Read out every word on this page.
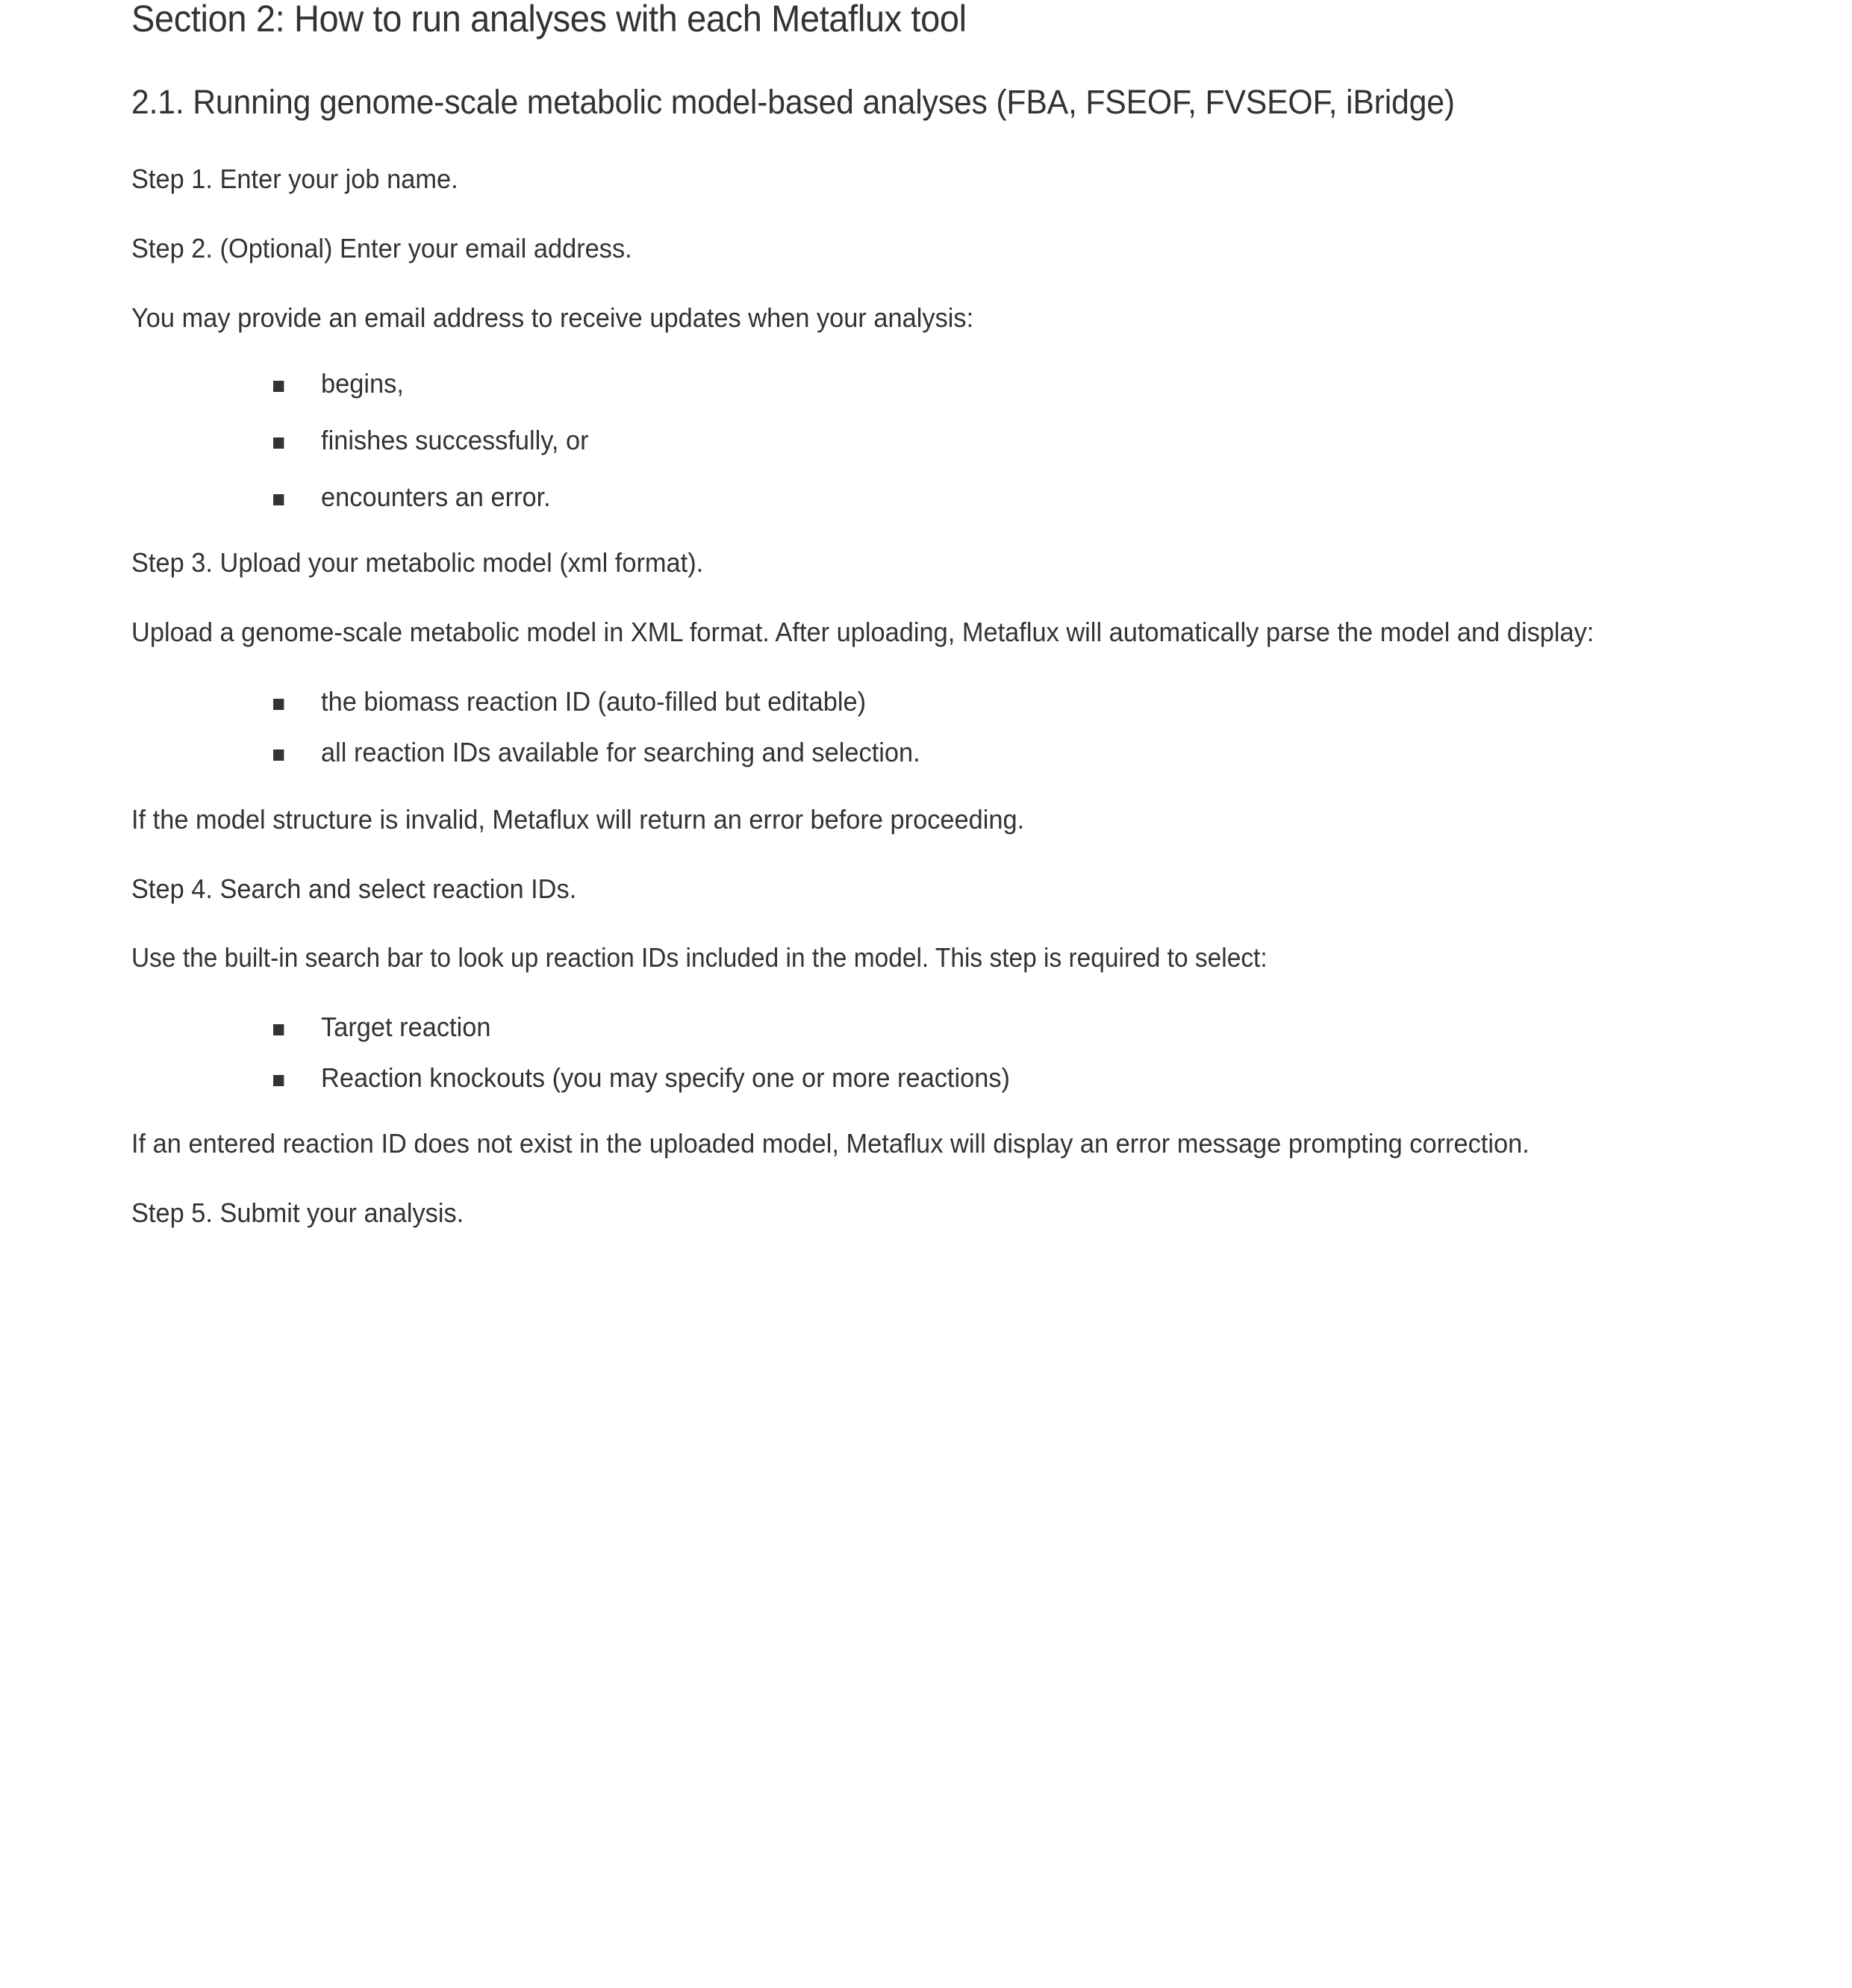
Section 2: How to run analyses with each Metaflux tool
2.1. Running genome-scale metabolic model-based analyses (FBA, FSEOF, FVSEOF, iBridge)

Step 1. Enter your job name.

Step 2. (Optional) Enter your email address.

You may provide an email address to receive updates when your analysis:

begins,
finishes successfully, or
encounters an error.

Step 3. Upload your metabolic model (xml format).

Upload a genome-scale metabolic model in XML format. After uploading, Metaflux will automatically parse the model and display:

the biomass reaction ID (auto-filled but editable)
all reaction IDs available for searching and selection.

If the model structure is invalid, Metaflux will return an error before proceeding.

Step 4. Search and select reaction IDs.

Use the built-in search bar to look up reaction IDs included in the model. This step is required to select:

Target reaction
Reaction knockouts (you may specify one or more reactions)

If an entered reaction ID does not exist in the uploaded model, Metaflux will display an error message prompting correction.

Step 5. Submit your analysis.
